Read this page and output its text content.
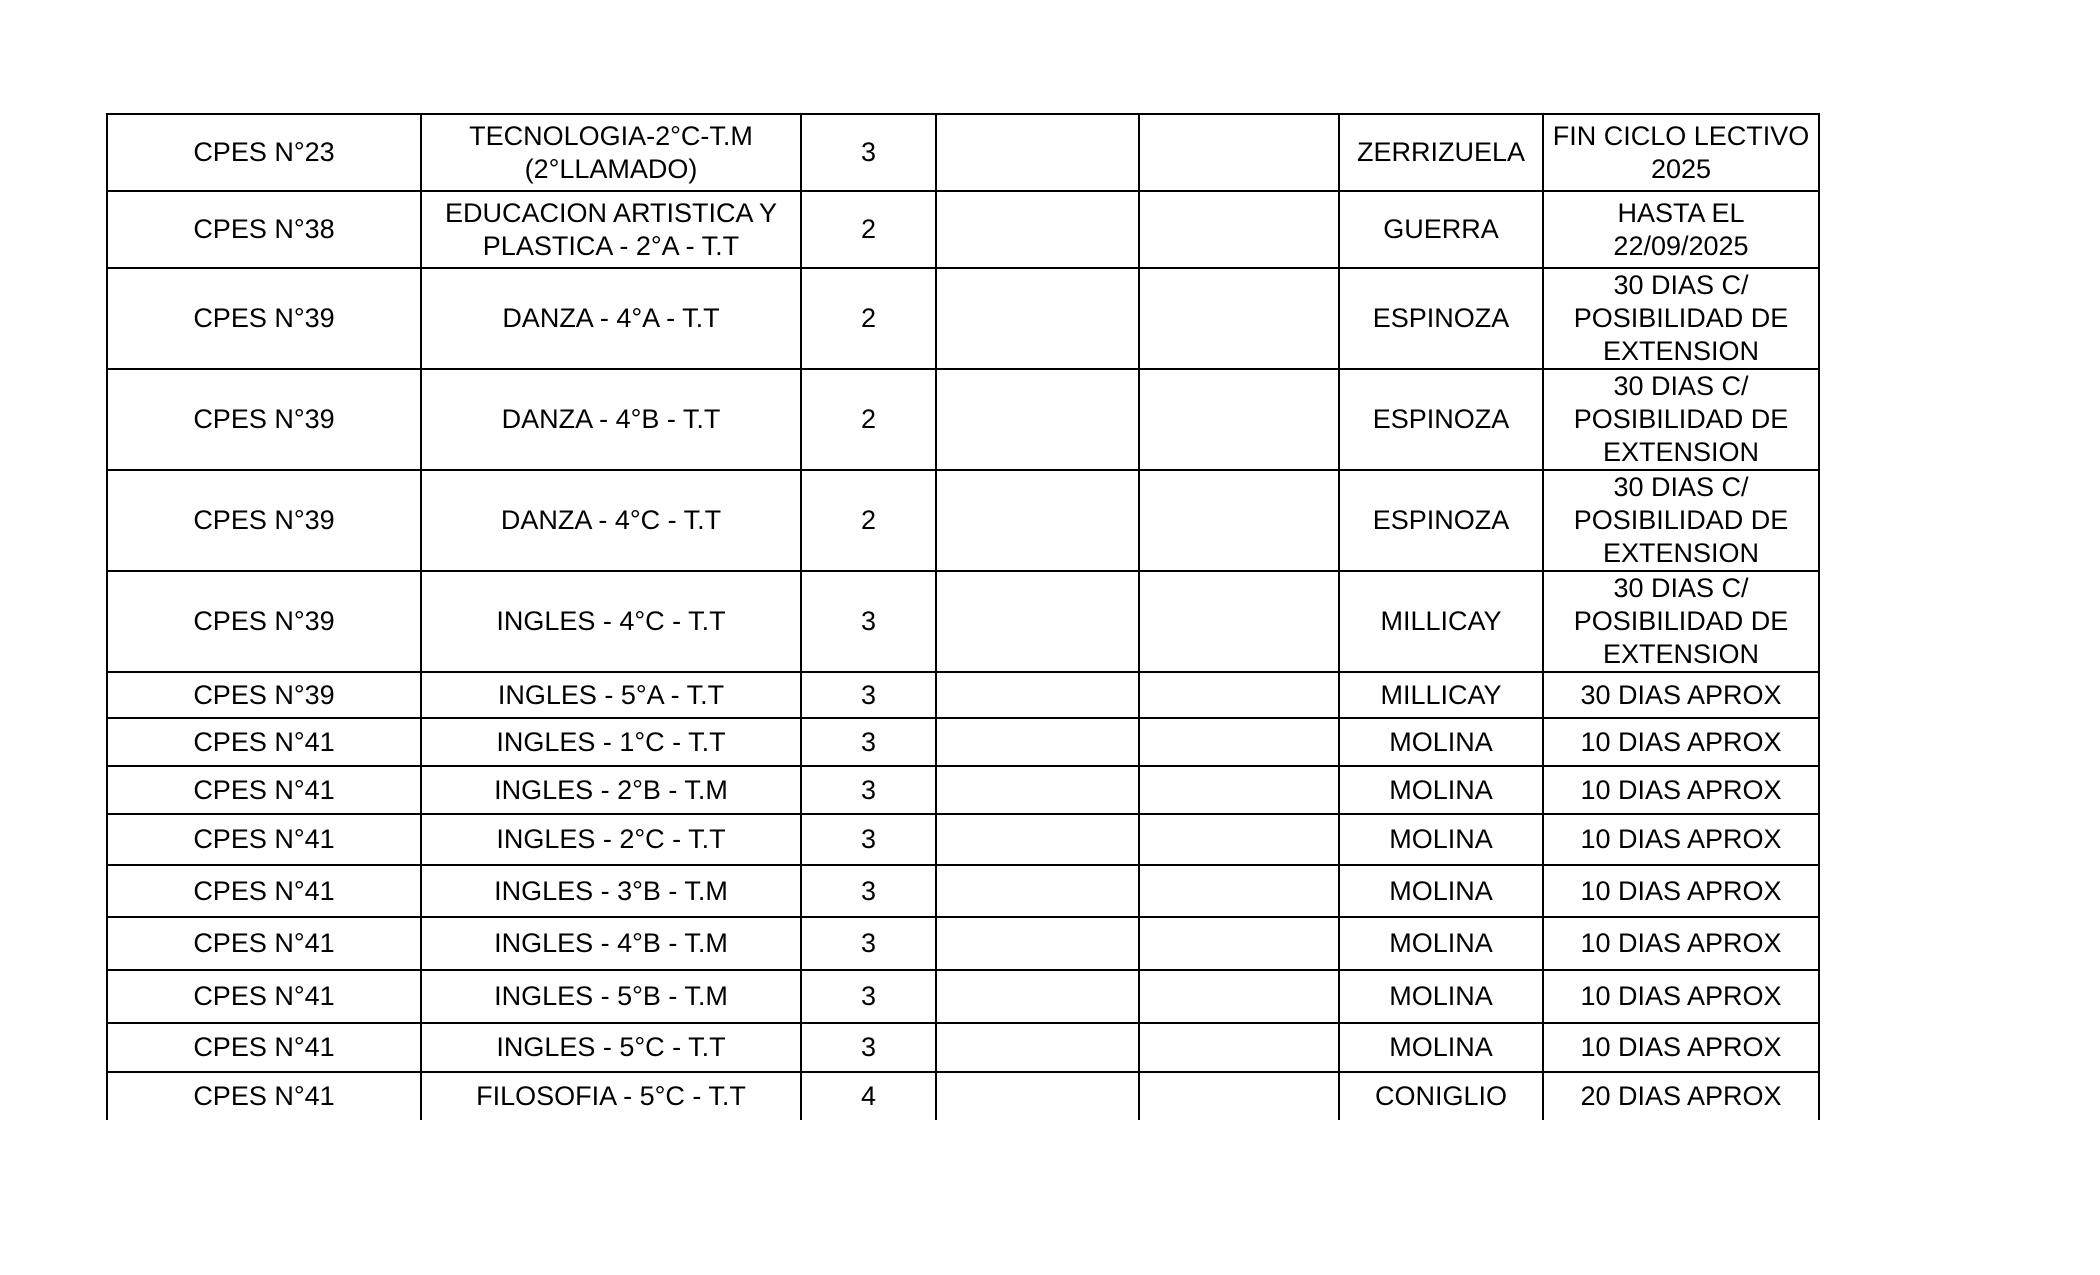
CPES N°23	TECNOLOGIA-2°C-T.M
(2°LLAMADO)	3			ZERRIZUELA	FIN CICLO LECTIVO
2025

CPES N°38	EDUCACION ARTISTICA Y
PLASTICA - 2°A - T.T	2			GUERRA	HASTA EL
22/09/2025

CPES N°39	DANZA - 4°A - T.T	2			ESPINOZA	30 DIAS C/
POSIBILIDAD DE
EXTENSION

CPES N°39	DANZA - 4°B - T.T	2			ESPINOZA	30 DIAS C/
POSIBILIDAD DE
EXTENSION

CPES N°39	DANZA - 4°C - T.T	2			ESPINOZA	30 DIAS C/
POSIBILIDAD DE
EXTENSION

CPES N°39	INGLES - 4°C - T.T	3			MILLICAY	30 DIAS C/
POSIBILIDAD DE
EXTENSION

CPES N°39	INGLES - 5°A - T.T	3			MILLICAY	30 DIAS APROX

CPES N°41	INGLES - 1°C - T.T	3			MOLINA	10 DIAS APROX

CPES N°41	INGLES - 2°B - T.M	3			MOLINA	10 DIAS APROX

CPES N°41	INGLES - 2°C - T.T	3			MOLINA	10 DIAS APROX

CPES N°41	INGLES - 3°B - T.M	3			MOLINA	10 DIAS APROX

CPES N°41	INGLES - 4°B - T.M	3			MOLINA	10 DIAS APROX

CPES N°41	INGLES - 5°B - T.M	3			MOLINA	10 DIAS APROX

CPES N°41	INGLES - 5°C - T.T	3			MOLINA	10 DIAS APROX

CPES N°41	FILOSOFIA - 5°C - T.T	4			CONIGLIO	20 DIAS APROX
